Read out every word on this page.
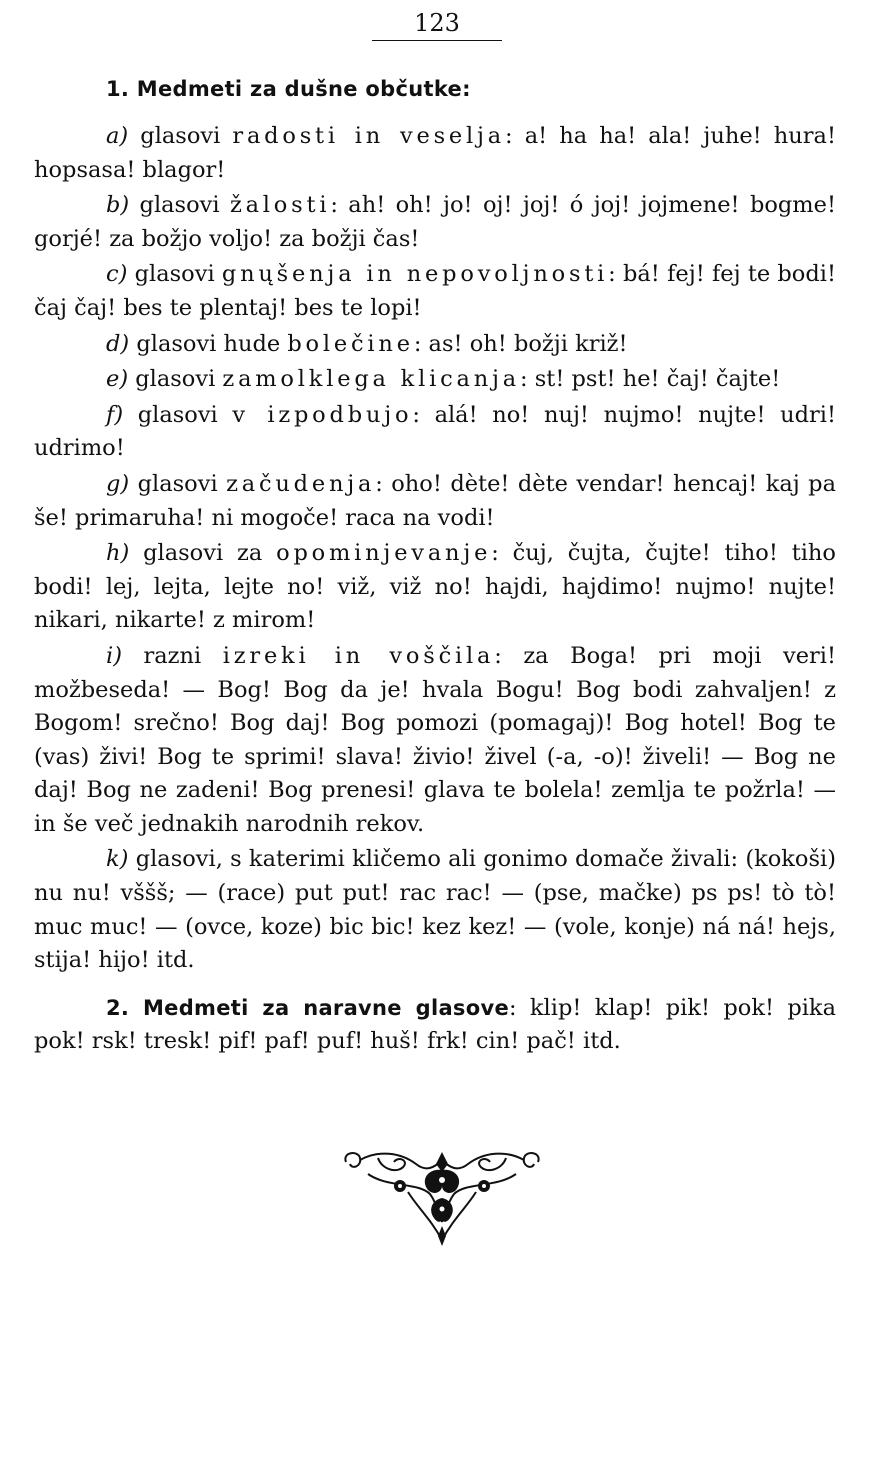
123
1. Medmeti za dušne občutke:

a) glasovi radosti in veselja: a! ha ha! ala! juhe! hura! hopsasa! blagor!

b) glasovi žalosti: ah! oh! jo! oj! joj! ó joj! jojmene! bogme! gorjé! za božjo voljo! za božji čas!

c) glasovi gnųšenja in nepovoljnosti: bá! fej! fej te bodi! čaj čaj! bes te plentaj! bes te lopi!

d) glasovi hude bolečine: as! oh! božji križ!

e) glasovi zamolklega klicanja: st! pst! he! čaj! čajte!

f) glasovi v izpodbujo: alá! no! nuj! nujmo! nujte! udri! udrimo!

g) glasovi začudenja: oho! dète! dète vendar! hencaj! kaj pa še! primaruha! ni mogoče! raca na vodi!

h) glasovi za opominjevanje: čuj, čujta, čujte! tiho! tiho bodi! lej, lejta, lejte no! viž, viž no! hajdi, hajdimo! nujmo! nujte! nikari, nikarte! z mirom!

i) razni izreki in voščila: za Boga! pri moji veri! možbeseda! — Bog! Bog da je! hvala Bogu! Bog bodi zahvaljen! z Bogom! srečno! Bog daj! Bog pomozi (pomagaj)! Bog hotel! Bog te (vas) živi! Bog te sprimi! slava! živio! živel (-a, -o)! živeli! — Bog ne daj! Bog ne zadeni! Bog prenesi! glava te bolela! zemlja te požrla! — in še več jednakih narodnih rekov.

k) glasovi, s katerimi kličemo ali gonimo domače živali: (kokoši) nu nu! vššš; — (race) put put! rac rac! — (pse, mačke) ps ps! tò tò! muc muc! — (ovce, koze) bic bic! kez kez! — (vole, konje) ná ná! hejs, stija! hijo! itd.

2. Medmeti za naravne glasove: klip! klap! pik! pok! pika pok! rsk! tresk! pif! paf! puf! huš! frk! cin! pač! itd.
